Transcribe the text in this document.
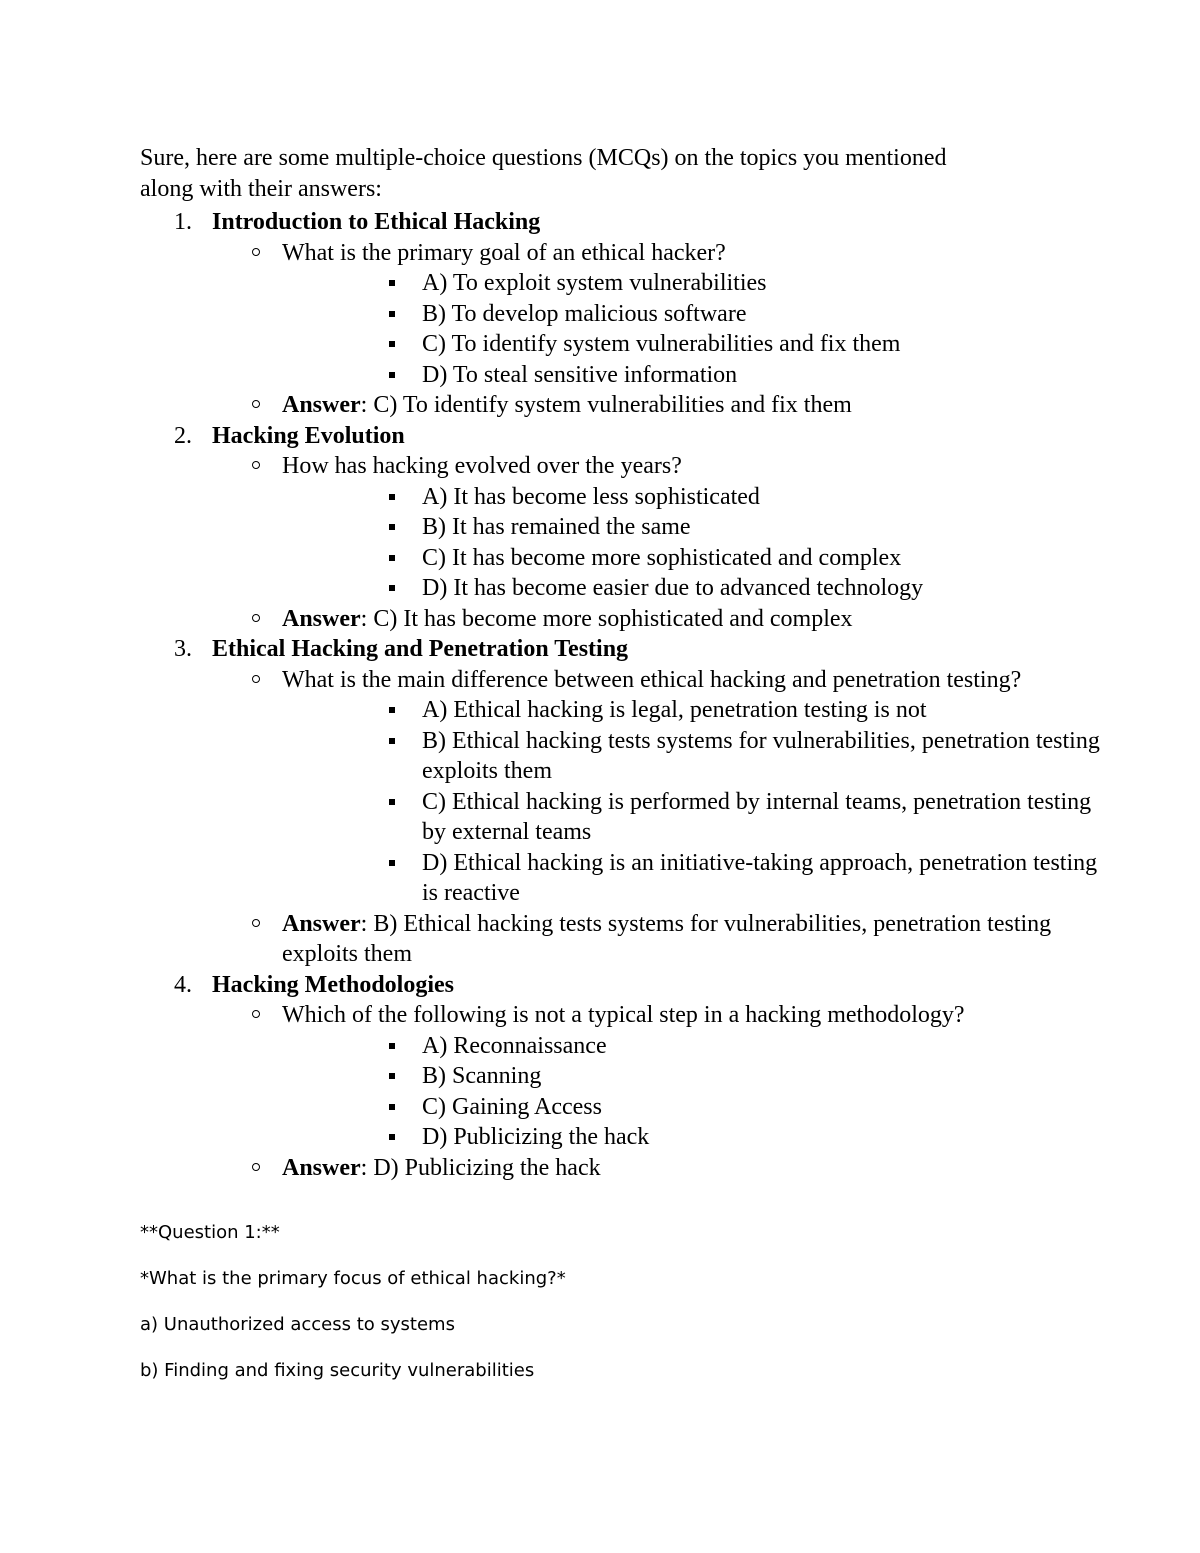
Sure, here are some multiple-choice questions (MCQs) on the topics you mentioned

along with their answers:

1. Introduction to Ethical Hacking
What is the primary goal of an ethical hacker?
A) To exploit system vulnerabilities
B) To develop malicious software
C) To identify system vulnerabilities and fix them
D) To steal sensitive information
Answer: C) To identify system vulnerabilities and fix them
2. Hacking Evolution
How has hacking evolved over the years?
A) It has become less sophisticated
B) It has remained the same
C) It has become more sophisticated and complex
D) It has become easier due to advanced technology
Answer: C) It has become more sophisticated and complex
3. Ethical Hacking and Penetration Testing
What is the main difference between ethical hacking and penetration testing?
A) Ethical hacking is legal, penetration testing is not
B) Ethical hacking tests systems for vulnerabilities, penetration testing exploits them
C) Ethical hacking is performed by internal teams, penetration testing by external teams
D) Ethical hacking is an initiative-taking approach, penetration testing is reactive
Answer: B) Ethical hacking tests systems for vulnerabilities, penetration testing exploits them
4. Hacking Methodologies
Which of the following is not a typical step in a hacking methodology?
A) Reconnaissance
B) Scanning
C) Gaining Access
D) Publicizing the hack
Answer: D) Publicizing the hack

**Question 1:**

*What is the primary focus of ethical hacking?*

a) Unauthorized access to systems

b) Finding and fixing security vulnerabilities
